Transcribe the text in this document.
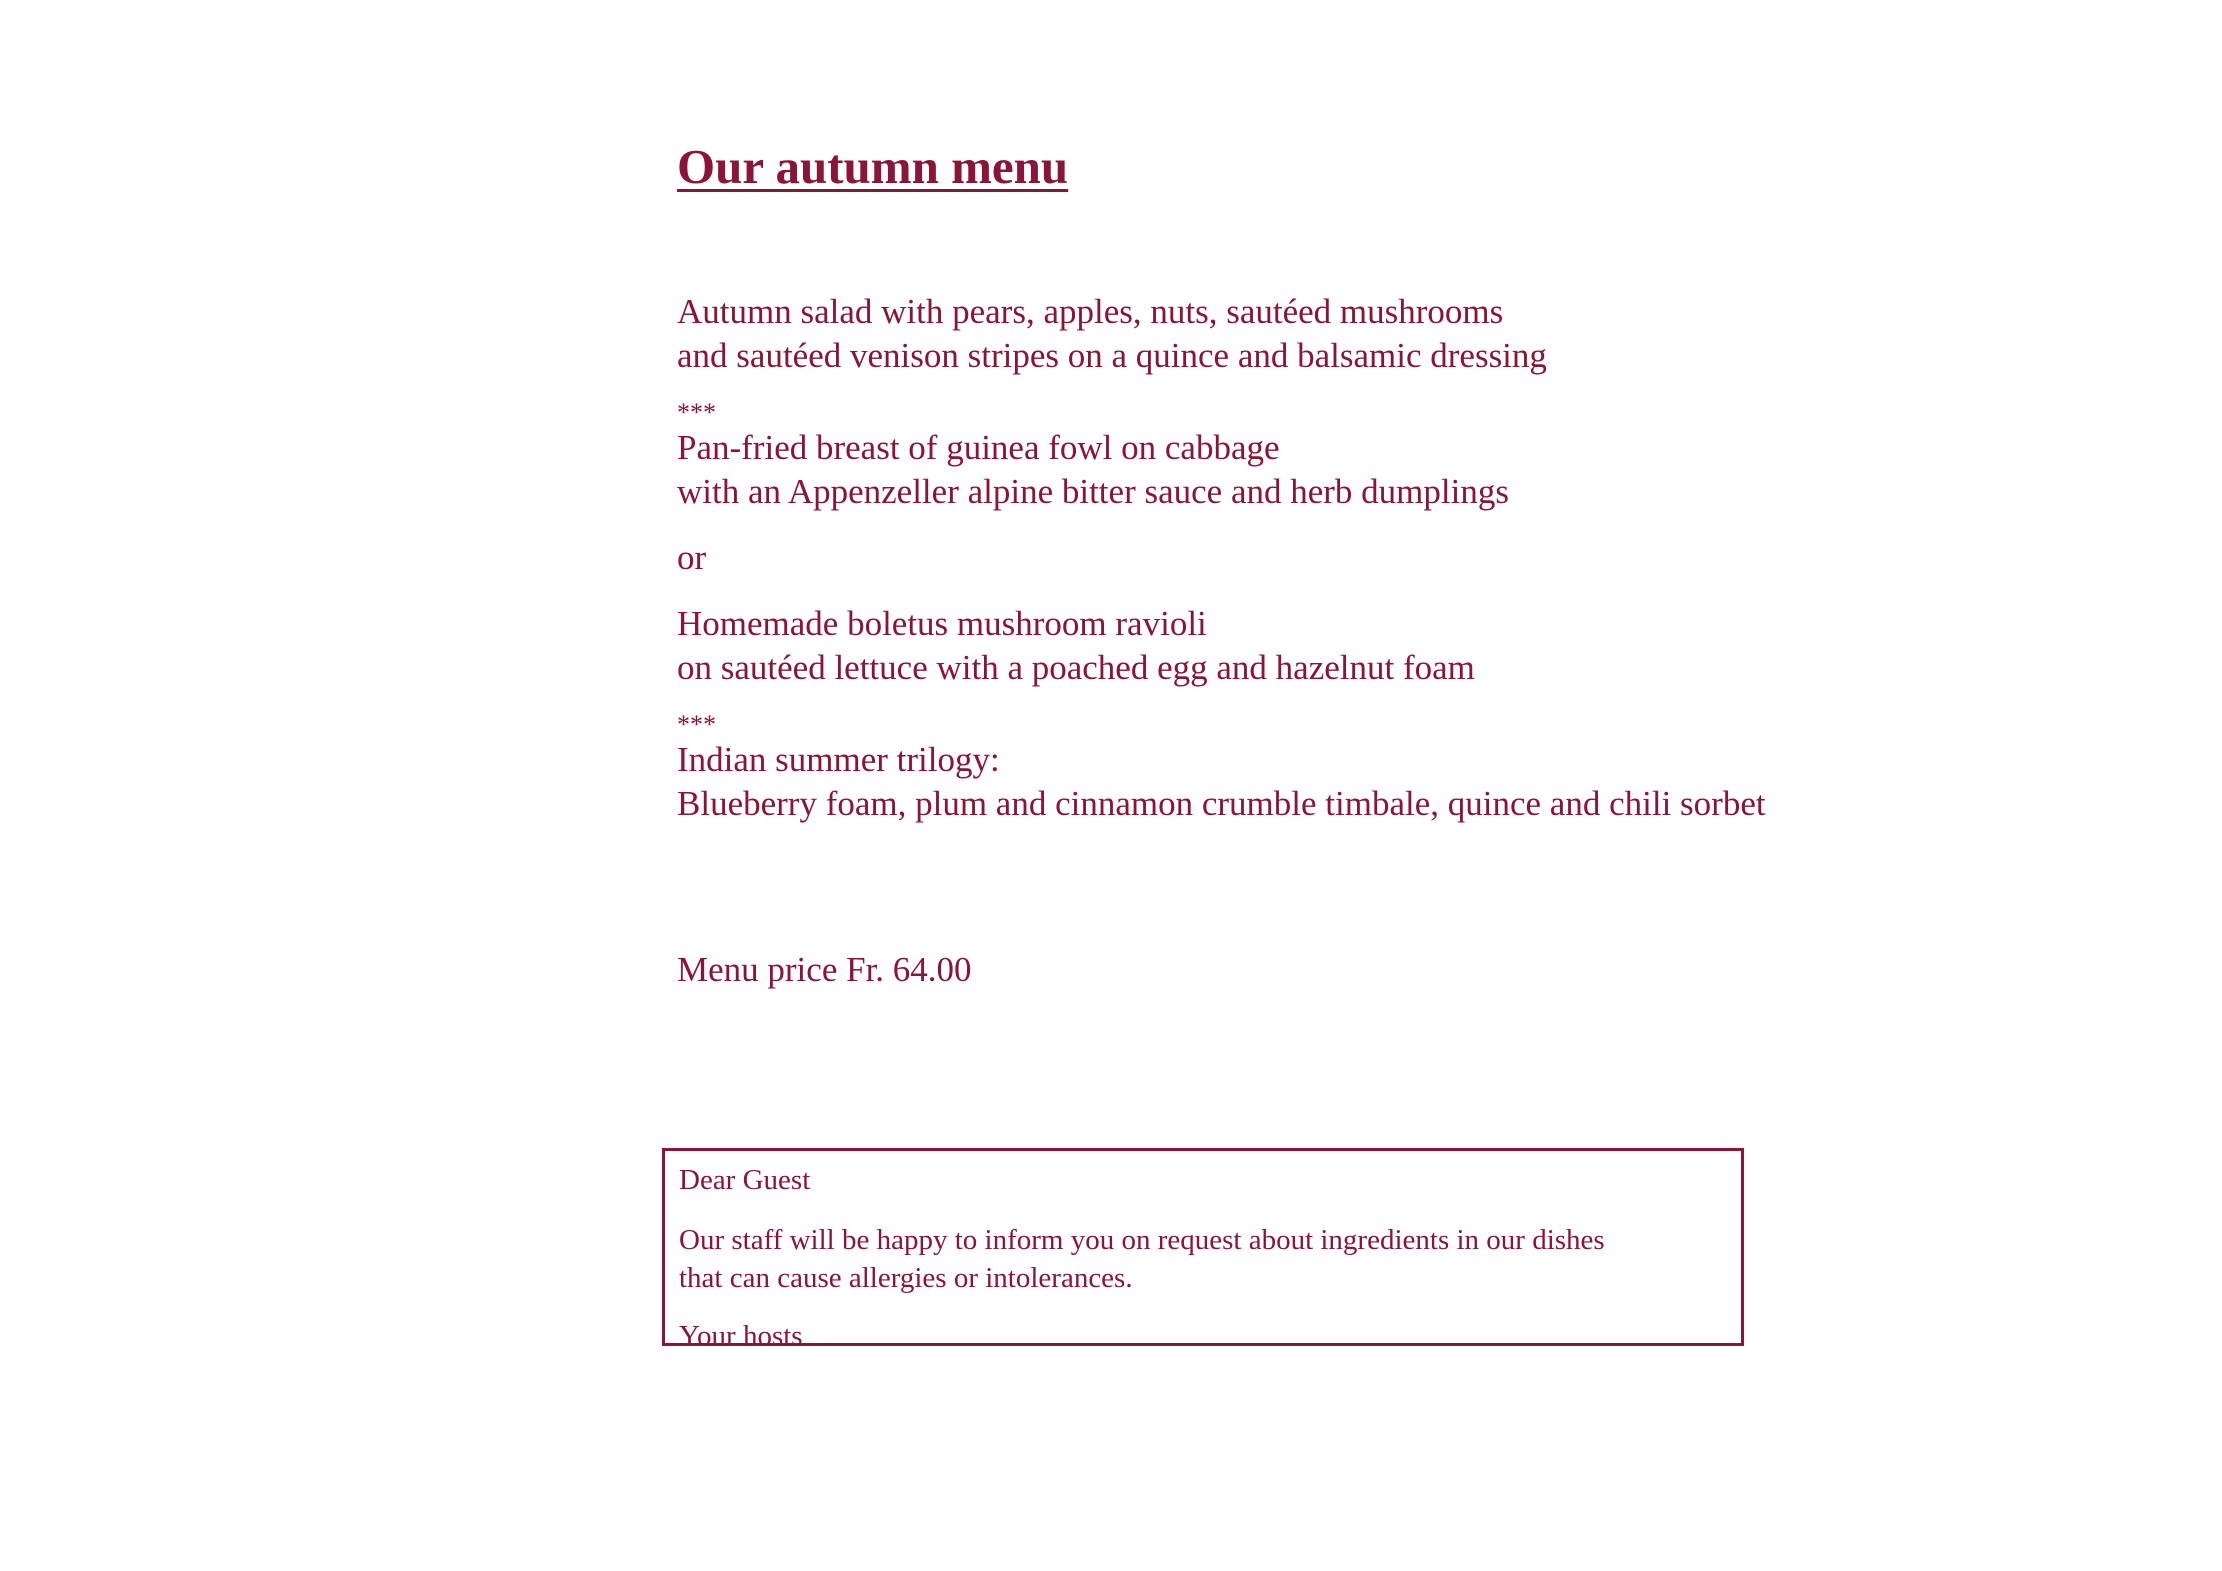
Our autumn menu
Autumn salad with pears, apples, nuts, sautéed mushrooms
and sautéed venison stripes on a quince and balsamic dressing
***
Pan-fried breast of guinea fowl on cabbage
with an Appenzeller alpine bitter sauce and herb dumplings
or
Homemade boletus mushroom ravioli
on sautéed lettuce with a poached egg and hazelnut foam
***
Indian summer trilogy:
Blueberry foam, plum and cinnamon crumble timbale, quince and chili sorbet
Menu price Fr. 64.00

Dear Guest

Our staff will be happy to inform you on request about ingredients in our dishes

that can cause allergies or intolerances.

Your hosts
